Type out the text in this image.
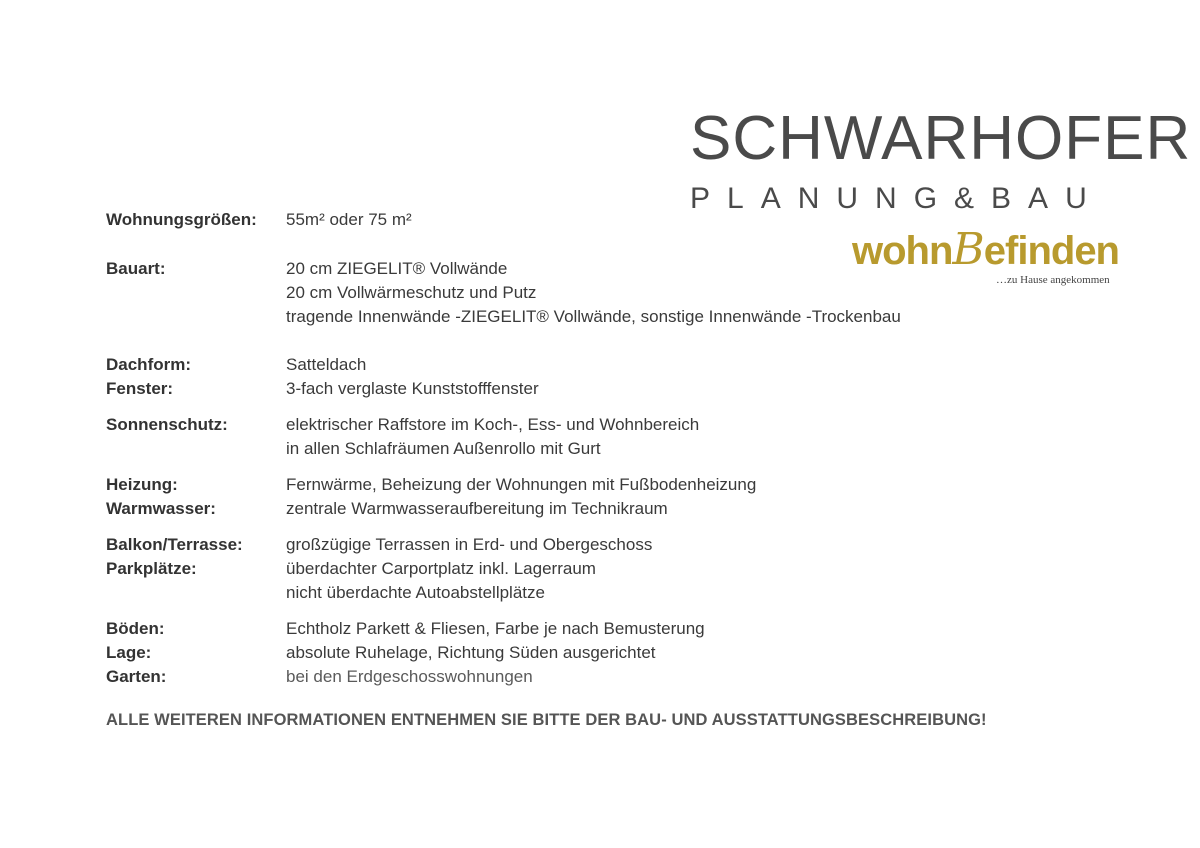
SCHWARHOFER
PLANUNG&BAU
wohnBefinden
…zu Hause angekommen
Wohnungsgrößen: 55m² oder 75 m²
Bauart:	20 cm ZIEGELIT® Vollwände
20 cm Vollwärmeschutz und Putz
tragende Innenwände -ZIEGELIT® Vollwände, sonstige Innenwände -Trockenbau
Dachform:	Satteldach
Fenster:	3-fach verglaste Kunststofffenster
Sonnenschutz:	elektrischer Raffstore im Koch-, Ess- und Wohnbereich
in allen Schlafräumen Außenrollo mit Gurt
Heizung:	Fernwärme, Beheizung der Wohnungen mit Fußbodenheizung
Warmwasser:	zentrale Warmwasseraufbereitung im Technikraum
Balkon/Terrasse:	großzügige Terrassen in Erd- und Obergeschoss
Parkplätze:	überdachter Carportplatz inkl. Lagerraum
nicht überdachte Autoabstellplätze
Böden:	Echtholz Parkett & Fliesen, Farbe je nach Bemusterung
Lage:	absolute Ruhelage, Richtung Süden ausgerichtet
Garten:	bei den Erdgeschosswohnungen
ALLE WEITEREN INFORMATIONEN ENTNEHMEN SIE BITTE DER BAU- UND AUSSTATTUNGSBESCHREIBUNG!
